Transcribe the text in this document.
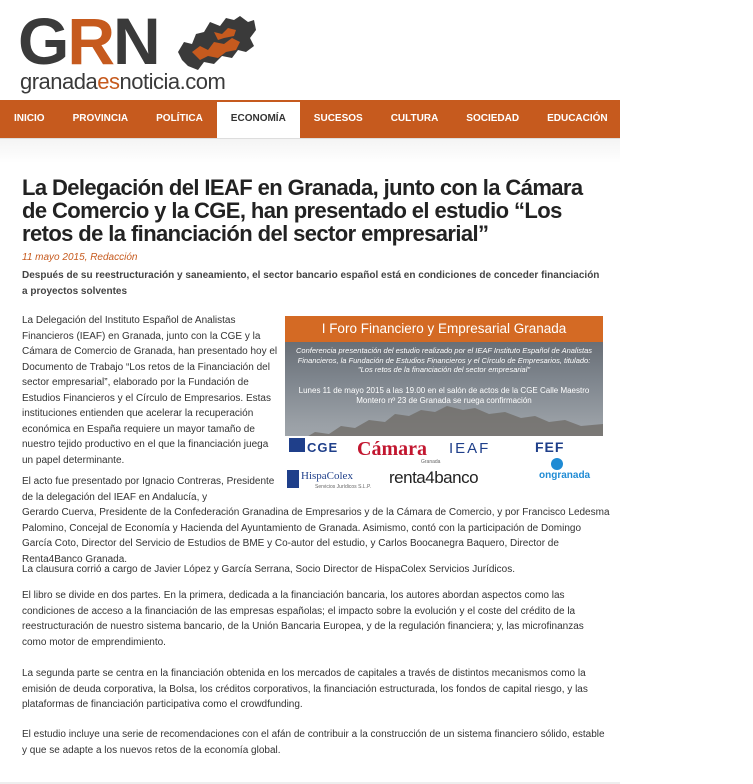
GRN
granadaesnoticia.com
INICIO	PROVINCIA	POLÍTICA	ECONOMÍA	SUCESOS	CULTURA	SOCIEDAD	EDUCACIÓN	UNIVERSIDAD	T
La Delegación del IEAF en Granada, junto con la Cámara de Comercio y la CGE, han presentado el estudio “Los retos de la financiación del sector empresarial”
11 mayo 2015, Redacción
Después de su reestructuración y saneamiento, el sector bancario español está en condiciones de conceder financiación a proyectos solventes
La Delegación del Instituto Español de Analistas Financieros (IEAF) en Granada, junto con la CGE y la Cámara de Comercio de Granada, han presentado hoy el Documento de Trabajo “Los retos de la Financiación del sector empresarial”, elaborado por la Fundación de Estudios Financieros y el Círculo de Empresarios. Estas instituciones entienden que acelerar la recuperación económica en España requiere un mayor tamaño de nuestro tejido productivo en el que la financiación juega un papel determinante.
I Foro Financiero y Empresarial Granada
Conferencia presentación del estudio realizado por el IEAF Instituto Español de Analistas Financieros, la Fundación de Estudios Financieros y el Círculo de Empresarios, titulado: "Los retos de la financiación del sector empresarial"
Lunes 11 de mayo 2015 a las 19.00 en el salón de actos de la CGE Calle Maestro Montero nº 23 de Granada se ruega confirmación
CGE Cámara
Granada
IEAF	FEF
HispaColex
Servicios Jurídicos S.L.P. renta4banco	ongranada
El acto fue presentado por Ignacio Contreras, Presidente de la delegación del IEAF en Andalucía, y
Gerardo Cuerva, Presidente de la Confederación Granadina de Empresarios y de la Cámara de Comercio, y por Francisco Ledesma Palomino, Concejal de Economía y Hacienda del Ayuntamiento de Granada. Asimismo, contó con la participación de Domingo García Coto, Director del Servicio de Estudios de BME y Co-autor del estudio, y Carlos Boocanegra Baquero, Director de Renta4Banco Granada.
La clausura corrió a cargo de Javier López y García Serrana, Socio Director de HispaColex Servicios Jurídicos.
El libro se divide en dos partes. En la primera, dedicada a la financiación bancaria, los autores abordan aspectos como las condiciones de acceso a la financiación de las empresas españolas; el impacto sobre la evolución y el coste del crédito de la reestructuración de nuestro sistema bancario, de la Unión Bancaria Europea, y de la regulación financiera; y, las microfinanzas como motor de emprendimiento.
La segunda parte se centra en la financiación obtenida en los mercados de capitales a través de distintos mecanismos como la emisión de deuda corporativa, la Bolsa, los créditos corporativos, la financiación estructurada, los fondos de capital riesgo, y las plataformas de financiación participativa como el crowdfunding.
El estudio incluye una serie de recomendaciones con el afán de contribuir a la construcción de un sistema financiero sólido, estable y que se adapte a los nuevos retos de la economía global.
